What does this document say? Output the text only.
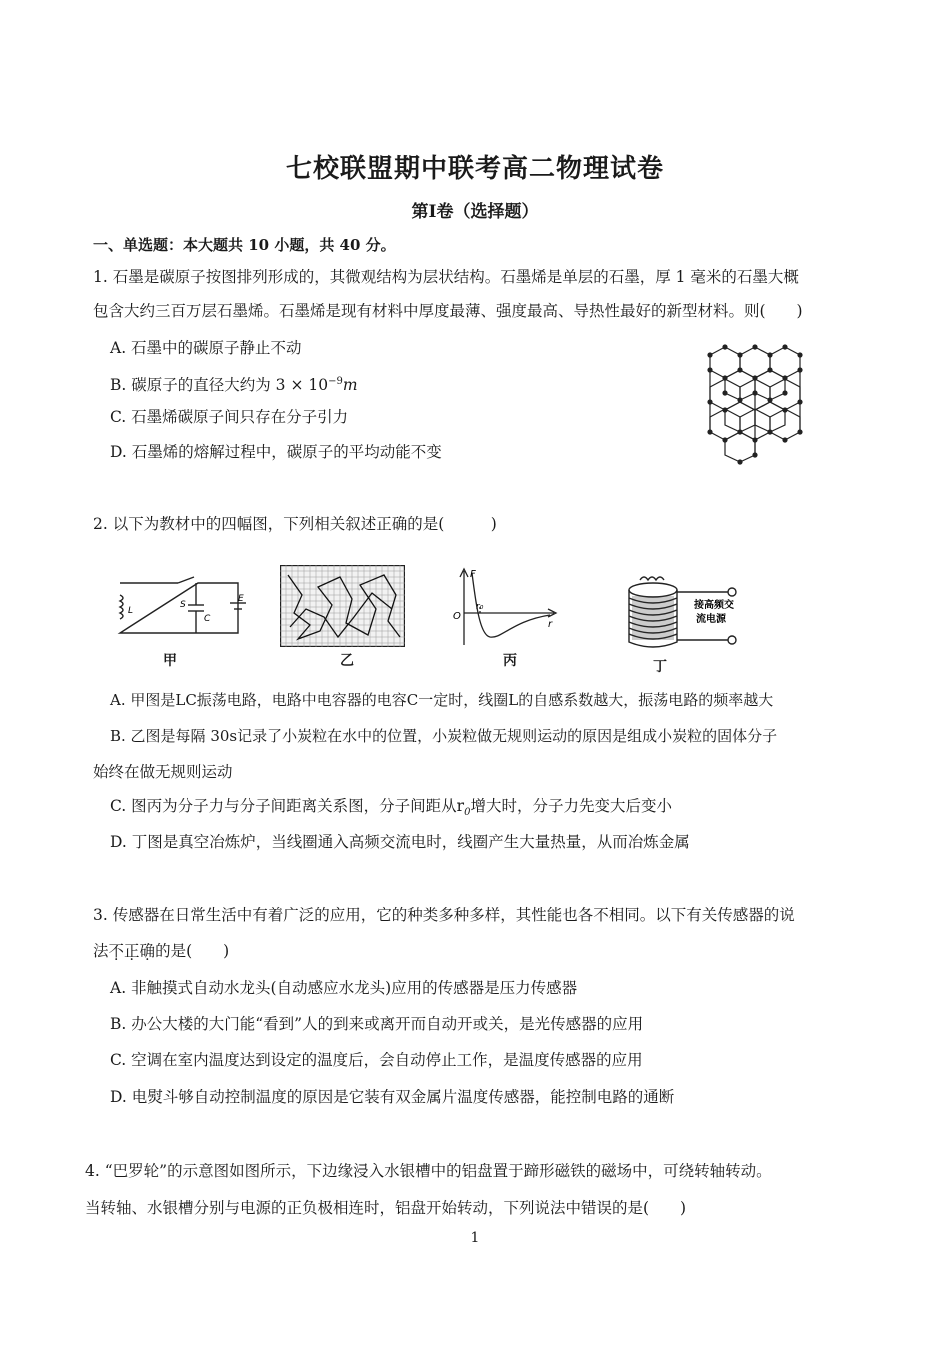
七校联盟期中联考高二物理试卷
第Ⅰ卷（选择题）
一、单选题：本大题共 10 小题，共 40 分。
1. 石墨是碳原子按图排列形成的，其微观结构为层状结构。石墨烯是单层的石墨，厚 1 毫米的石墨大概
包含大约三百万层石墨烯。石墨烯是现有材料中厚度最薄、强度最高、导热性最好的新型材料。则(　　)
A. 石墨中的碳原子静止不动
B. 碳原子的直径大约为 $3 \times 10^{-9}m$
C. 石墨烯碳原子间只存在分子引力
D. 石墨烯的熔解过程中，碳原子的平均动能不变
2. 以下为教材中的四幅图，下列相关叙述正确的是(　　　)
L
S
C
E
甲	乙
F
O
r₀
r
丙
接高频交
流电源
丁
A. 甲图是LC振荡电路，电路中电容器的电容C一定时，线圈L的自感系数越大，振荡电路的频率越大
B. 乙图是每隔 30s记录了小炭粒在水中的位置，小炭粒做无规则运动的原因是组成小炭粒的固体分子
始终在做无规则运动
C. 图丙为分子力与分子间距离关系图，分子间距从$r_0$增大时，分子力先变大后变小
D. 丁图是真空冶炼炉，当线圈通入高频交流电时，线圈产生大量热量，从而冶炼金属
3. 传感器在日常生活中有着广泛的应用，它的种类多种多样，其性能也各不相同。以下有关传感器的说
法不正确的是(　　)
A. 非触摸式自动水龙头(自动感应水龙头)应用的传感器是压力传感器
B. 办公大楼的大门能“看到”人的到来或离开而自动开或关，是光传感器的应用
C. 空调在室内温度达到设定的温度后，会自动停止工作，是温度传感器的应用
D. 电熨斗够自动控制温度的原因是它装有双金属片温度传感器，能控制电路的通断
4. “巴罗轮”的示意图如图所示，下边缘浸入水银槽中的铝盘置于蹄形磁铁的磁场中，可绕转轴转动。
当转轴、水银槽分别与电源的正负极相连时，铝盘开始转动，下列说法中错误的是(　　)
1
